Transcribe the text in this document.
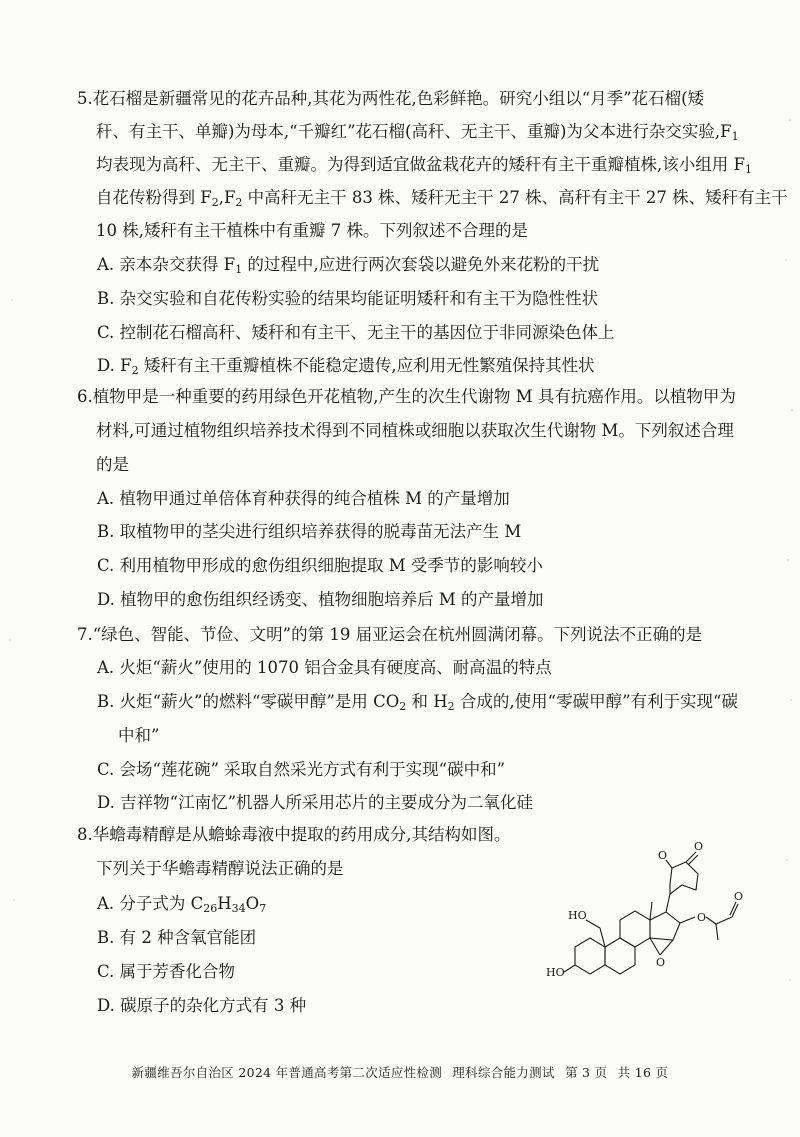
5.花石榴是新疆常见的花卉品种,其花为两性花,色彩鲜艳。研究小组以“月季”花石榴(矮
秆、有主干、单瓣)为母本,“千瓣红”花石榴(高秆、无主干、重瓣)为父本进行杂交实验$,F_1$
均表现为高秆、无主干、重瓣。为得到适宜做盆栽花卉的矮秆有主干重瓣植株,该小组用 $F_1$
自花传粉得到 $F_2,F_2$ 中高秆无主干 83 株、矮秆无主干 27 株、高秆有主干 27 株、矮秆有主干
10 株,矮秆有主干植株中有重瓣 7 株。下列叙述不合理的是
A. 亲本杂交获得 $F_1$ 的过程中,应进行两次套袋以避免外来花粉的干扰
B. 杂交实验和自花传粉实验的结果均能证明矮秆和有主干为隐性性状
C. 控制花石榴高秆、矮秆和有主干、无主干的基因位于非同源染色体上
D. $F_2$ 矮秆有主干重瓣植株不能稳定遗传,应利用无性繁殖保持其性状
6.植物甲是一种重要的药用绿色开花植物,产生的次生代谢物 M 具有抗癌作用。以植物甲为
材料,可通过植物组织培养技术得到不同植株或细胞以获取次生代谢物 M。下列叙述合理
的是
A. 植物甲通过单倍体育种获得的纯合植株 M 的产量增加
B. 取植物甲的茎尖进行组织培养获得的脱毒苗无法产生 M
C. 利用植物甲形成的愈伤组织细胞提取 M 受季节的影响较小
D. 植物甲的愈伤组织经诱变、植物细胞培养后 M 的产量增加
7.“绿色、智能、节俭、文明”的第 19 届亚运会在杭州圆满闭幕。下列说法不正确的是
A. 火炬“薪火”使用的 1070 铝合金具有硬度高、耐高温的特点
B. 火炬“薪火”的燃料“零碳甲醇”是用 $CO_2$ 和 $H_2$ 合成的,使用“零碳甲醇”有利于实现“碳
中和”
C. 会场“莲花碗” 采取自然采光方式有利于实现“碳中和”
D. 吉祥物“江南忆”机器人所采用芯片的主要成分为二氧化硅
8.华蟾毒精醇是从蟾蜍毒液中提取的药用成分,其结构如图。
下列关于华蟾毒精醇说法正确的是
A. 分子式为 $C_{26}H_{34}O_7$
B. 有 2 种含氧官能团
C. 属于芳香化合物
D. 碳原子的杂化方式有 3 种
O
O
HO
HO
O
O
O
新疆维吾尔自治区 2024 年普通高考第二次适应性检测 理科综合能力测试 第 3 页 共 16 页
